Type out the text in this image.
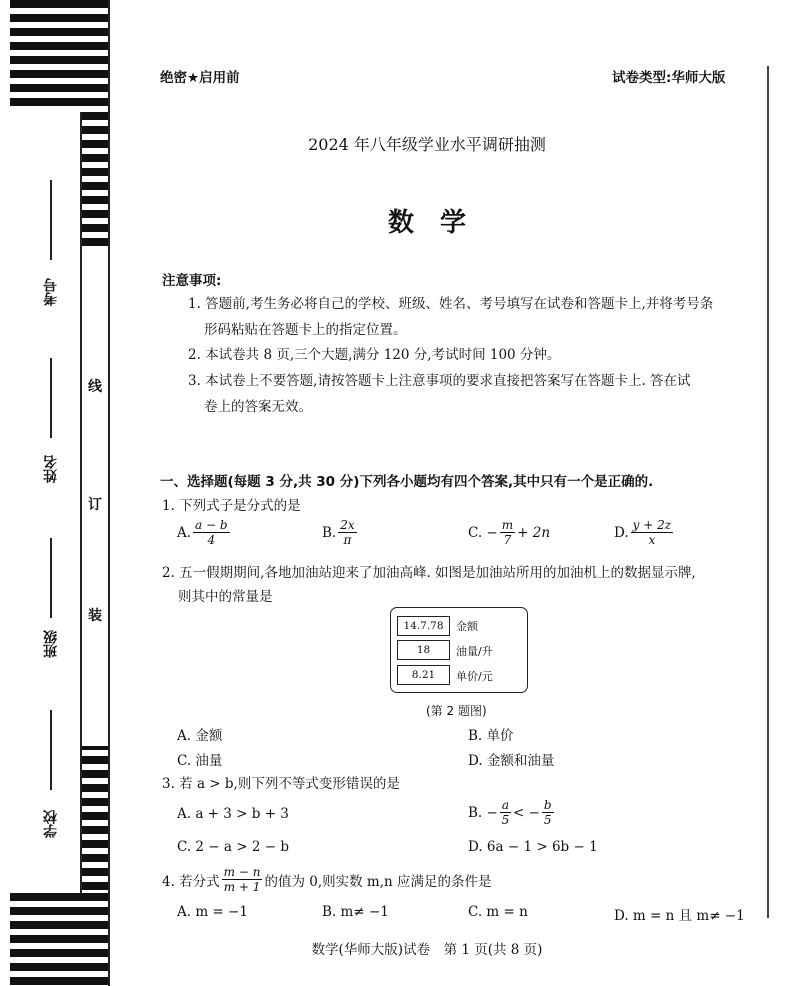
考号
姓名
班级
学校
线
订
装
绝密★启用前	试卷类型:华师大版
2024 年八年级学业水平调研抽测
数　学
注意事项:
1. 答题前,考生务必将自己的学校、班级、姓名、考号填写在试卷和答题卡上,并将考号条
形码粘贴在答题卡上的指定位置。
2. 本试卷共 8 页,三个大题,满分 120 分,考试时间 100 分钟。
3. 本试卷上不要答题,请按答题卡上注意事项的要求直接把答案写在答题卡上. 答在试
卷上的答案无效。
一、选择题(每题 3 分,共 30 分)下列各小题均有四个答案,其中只有一个是正确的.
1. 下列式子是分式的是
A. $\frac{a - b}{4}$	B. $\frac{2x}{\pi}$	C. − $\frac{m}{7} + 2n$	D. $\frac{y + 2z}{x}$
2. 五一假期期间,各地加油站迎来了加油高峰. 如图是加油站所用的加油机上的数据显示牌,
则其中的常量是
14.7.78	金额
18	油量/升
8.21	单价/元
(第 2 题图)
A. 金额	B. 单价
C. 油量	D. 金额和油量
3. 若 a > b,则下列不等式变形错误的是
A. a + 3 > b + 3	B. − $\frac{a}{5}$ < − $\frac{b}{5}$
C. 2 − a > 2 − b	D. 6a − 1 > 6b − 1
4. 若分式 $\frac{m - n}{m + 1}$ 的值为 0,则实数 m,n 应满足的条件是
A. m = −1	B. m≠ −1	C. m = n	D. m = n 且 m≠ −1
数学(华师大版)试卷　第 1 页(共 8 页)
